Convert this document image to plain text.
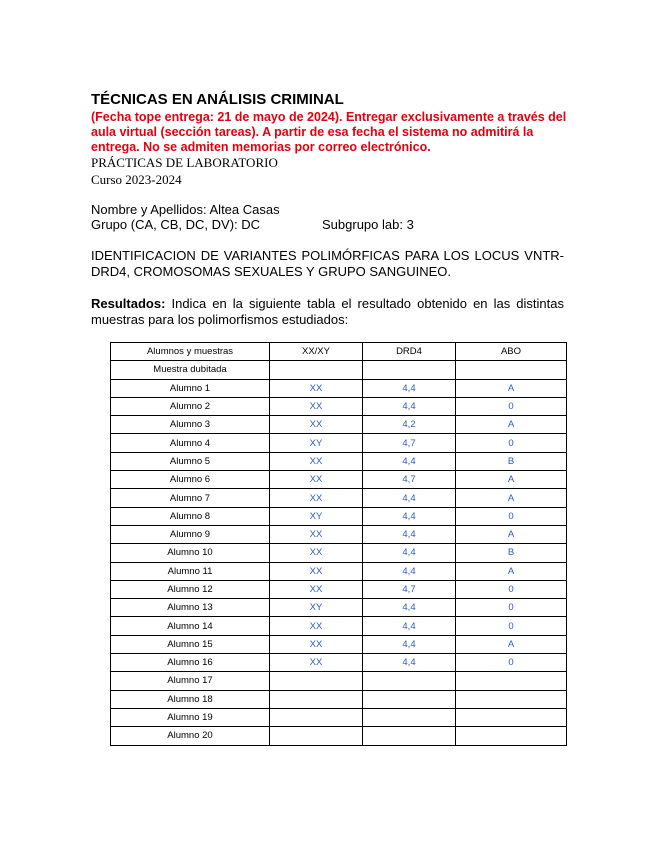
TÉCNICAS EN ANÁLISIS CRIMINAL
(Fecha tope entrega: 21 de mayo de 2024). Entregar exclusivamente a través del aula virtual (sección tareas). A partir de esa fecha el sistema no admitirá la entrega. No se admiten memorias por correo electrónico.
PRÁCTICAS DE LABORATORIO
Curso 2023-2024
Nombre y Apellidos: Altea Casas
Grupo (CA, CB, DC, DV): DC	Subgrupo lab: 3
IDENTIFICACION DE VARIANTES POLIMÓRFICAS PARA LOS LOCUS VNTR-DRD4, CROMOSOMAS SEXUALES Y GRUPO SANGUINEO.
Resultados: Indica en la siguiente tabla el resultado obtenido en las distintas muestras para los polimorfismos estudiados:
Alumnos y muestras	XX/XY	DRD4	ABO
Muestra dubitada			
Alumno 1	XX	4,4	A
Alumno 2	XX	4,4	0
Alumno 3	XX	4,2	A
Alumno 4	XY	4,7	0
Alumno 5	XX	4,4	B
Alumno 6	XX	4,7	A
Alumno 7	XX	4,4	A
Alumno 8	XY	4,4	0
Alumno 9	XX	4,4	A
Alumno 10	XX	4,4	B
Alumno 11	XX	4,4	A
Alumno 12	XX	4,7	0
Alumno 13	XY	4,4	0
Alumno 14	XX	4,4	0
Alumno 15	XX	4,4	A
Alumno 16	XX	4,4	0
Alumno 17			
Alumno 18			
Alumno 19			
Alumno 20			
